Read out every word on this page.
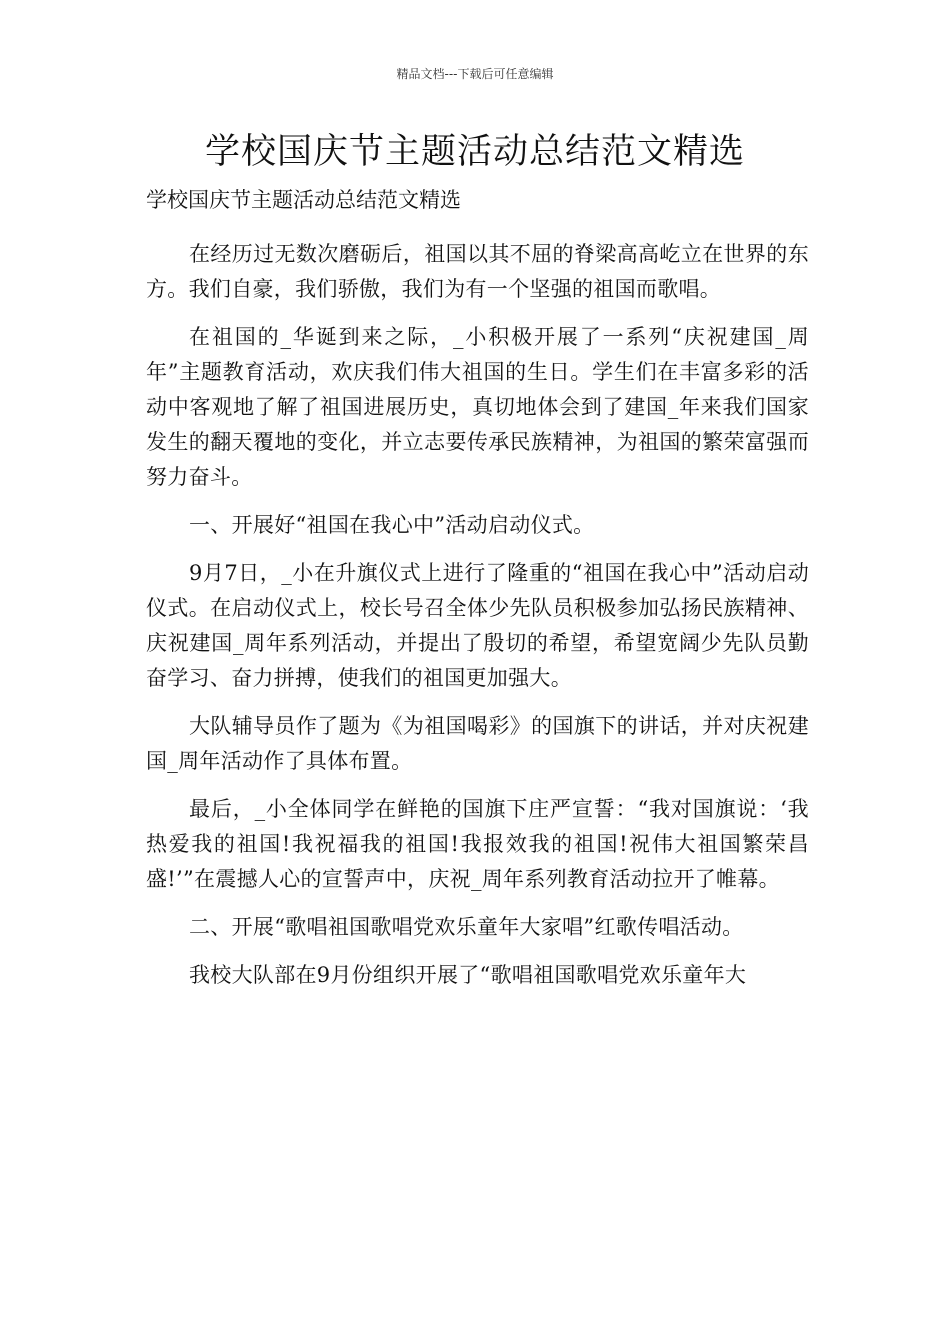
精品文档---下载后可任意编辑
学校国庆节主题活动总结范文精选

学校国庆节主题活动总结范文精选

在经历过无数次磨砺后，祖国以其不屈的脊梁高高屹立在世界的东方。我们自豪，我们骄傲，我们为有一个坚强的祖国而歌唱。

在祖国的_华诞到来之际，_小积极开展了一系列“庆祝建国_周年”主题教育活动，欢庆我们伟大祖国的生日。学生们在丰富多彩的活动中客观地了解了祖国进展历史，真切地体会到了建国_年来我们国家发生的翻天覆地的变化，并立志要传承民族精神，为祖国的繁荣富强而努力奋斗。

一、开展好“祖国在我心中”活动启动仪式。

9月7日，_小在升旗仪式上进行了隆重的“祖国在我心中”活动启动仪式。在启动仪式上，校长号召全体少先队员积极参加弘扬民族精神、庆祝建国_周年系列活动，并提出了殷切的希望，希望宽阔少先队员勤奋学习、奋力拼搏，使我们的祖国更加强大。

大队辅导员作了题为《为祖国喝彩》的国旗下的讲话，并对庆祝建国_周年活动作了具体布置。

最后，_小全体同学在鲜艳的国旗下庄严宣誓：“我对国旗说：‘我热爱我的祖国!我祝福我的祖国!我报效我的祖国!祝伟大祖国繁荣昌盛!’”在震撼人心的宣誓声中，庆祝_周年系列教育活动拉开了帷幕。

二、开展“歌唱祖国歌唱党欢乐童年大家唱”红歌传唱活动。

我校大队部在9月份组织开展了“歌唱祖国歌唱党欢乐童年大
